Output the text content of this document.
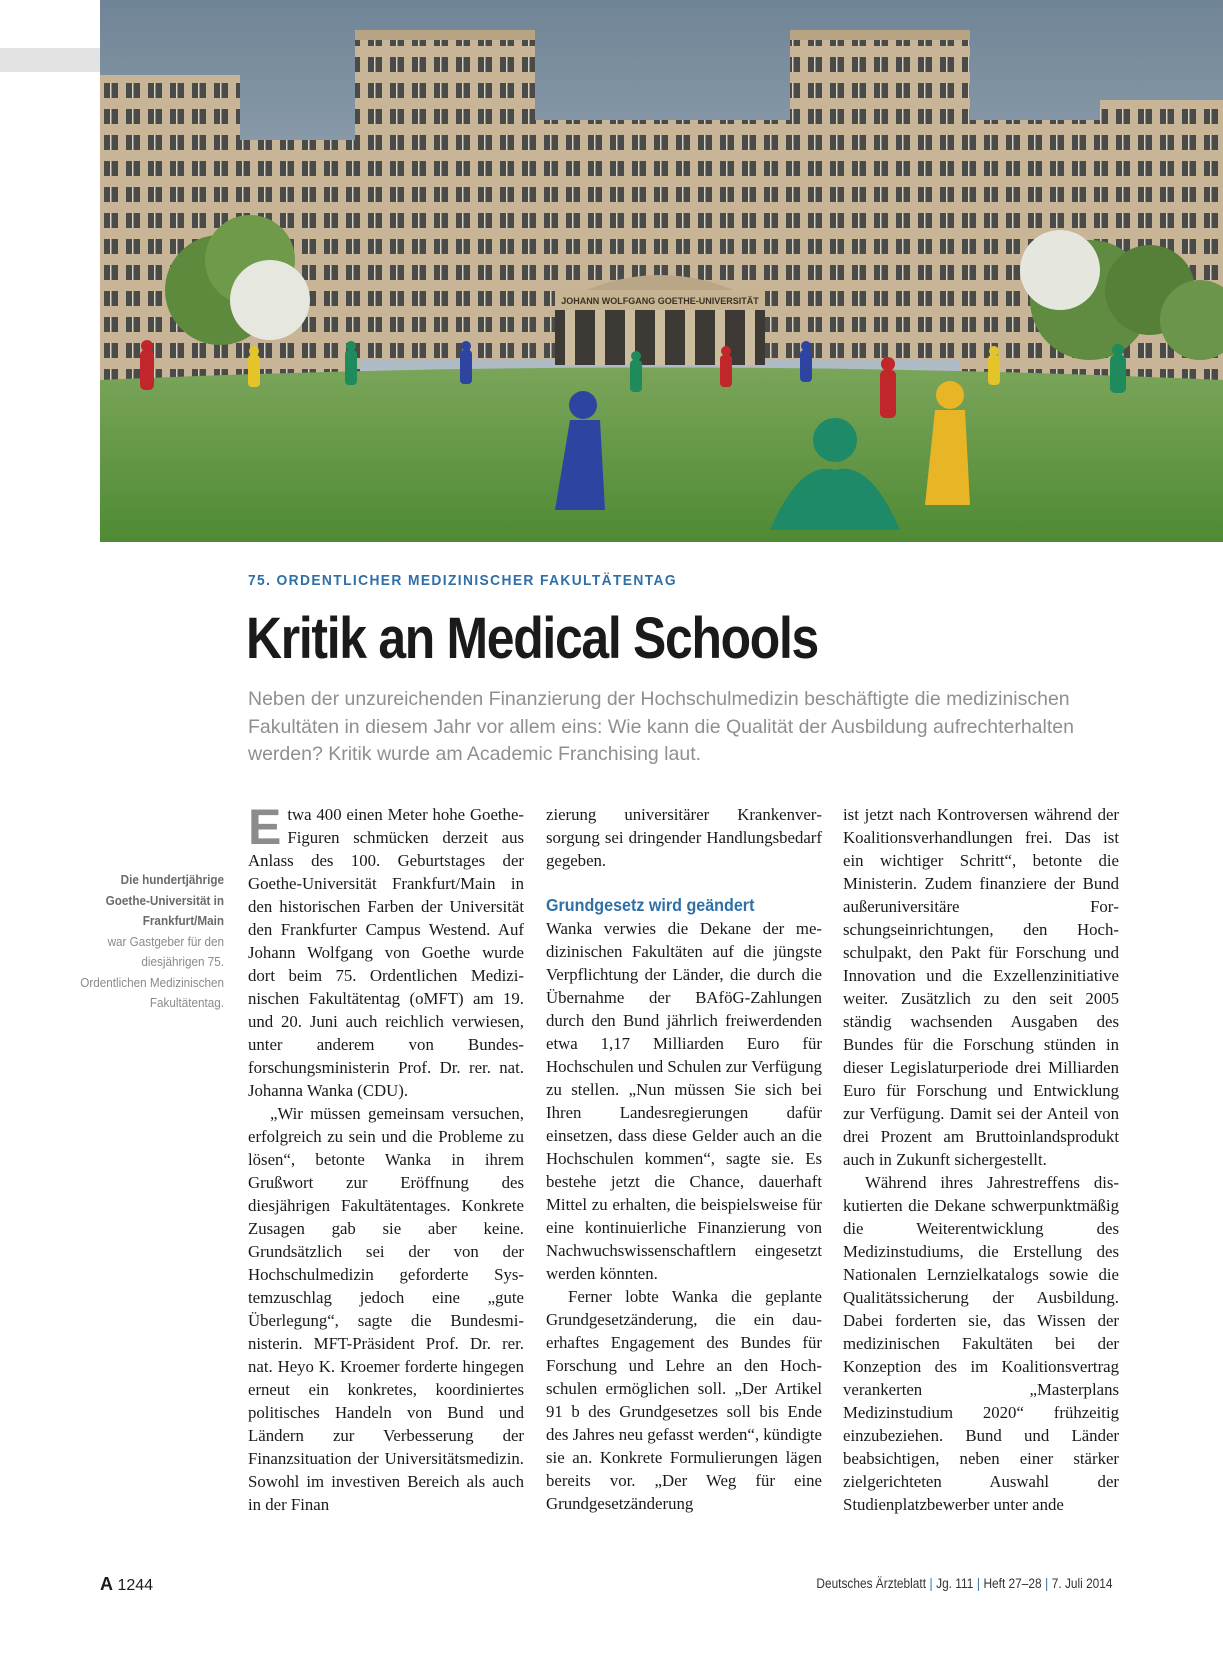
JOHANN WOLFGANG GOETHE-UNIVERSITÄT
75. ORDENTLICHER MEDIZINISCHER FAKULTÄTENTAG
Kritik an Medical Schools

Neben der unzureichenden Finanzierung der Hochschulmedizin beschäftigte die medizinischen Fakultäten in diesem Jahr vor allem eins: Wie kann die Qualität der Ausbildung aufrechterhalten werden? Kritik wurde am Academic Franchising laut.

Die hundertjährige Goethe-Universität in Frankfurt/Main
war Gastgeber für den diesjährigen 75. Ordentlichen Medizinischen Fakultätentag.

Etwa 400 einen Meter hohe Goethe-Figuren schmücken derzeit aus Anlass des 100. Geburtstages der Goethe-Universität Frankfurt/Main in den historischen Farben der Universität den Frankfurter Campus Westend. Auf Johann Wolfgang von Goethe wurde dort beim 75. Ordentlichen Medizinischen Fakultätentag (oMFT) am 19. und 20. Juni auch reichlich verwiesen, unter anderem von Bundesforschungsministerin Prof. Dr. rer. nat. Johanna Wanka (CDU).

„Wir müssen gemeinsam versuchen, erfolgreich zu sein und die Probleme zu lösen“, betonte Wanka in ihrem Grußwort zur Eröffnung des diesjährigen Fakultätentages. Konkrete Zusagen gab sie aber keine. Grundsätzlich sei der von der Hochschulmedizin geforderte Systemzuschlag jedoch eine „gute Überlegung“, sagte die Bundesministerin. MFT-Präsident Prof. Dr. rer. nat. Heyo K. Kroemer forderte hingegen erneut ein konkretes, koordiniertes politisches Handeln von Bund und Ländern zur Verbesserung der Finanzsituation der Universitätsmedizin. Sowohl im investiven Bereich als auch in der Finan

zierung universitärer Krankenversorgung sei dringender Handlungsbedarf gegeben.

Grundgesetz wird geändert

Wanka verwies die Dekane der medizinischen Fakultäten auf die jüngste Verpflichtung der Länder, die durch die Übernahme der BAföG-Zahlungen durch den Bund jährlich freiwerdenden etwa 1,17 Milliarden Euro für Hochschulen und Schulen zur Verfügung zu stellen. „Nun müssen Sie sich bei Ihren Landesregierungen dafür einsetzen, dass diese Gelder auch an die Hochschulen kommen“, sagte sie. Es bestehe jetzt die Chance, dauerhaft Mittel zu erhalten, die beispielsweise für eine kontinuierliche Finanzierung von Nachwuchswissenschaftlern eingesetzt werden könnten.

Ferner lobte Wanka die geplante Grundgesetzänderung, die ein dauerhaftes Engagement des Bundes für Forschung und Lehre an den Hochschulen ermöglichen soll. „Der Artikel 91 b des Grundgesetzes soll bis Ende des Jahres neu gefasst werden“, kündigte sie an. Konkrete Formulierungen lägen bereits vor. „Der Weg für eine Grundgesetzänderung

ist jetzt nach Kontroversen während der Koalitionsverhandlungen frei. Das ist ein wichtiger Schritt“, betonte die Ministerin. Zudem finanziere der Bund außeruniversitäre Forschungseinrichtungen, den Hochschulpakt, den Pakt für Forschung und Innovation und die Exzellenzinitiative weiter. Zusätzlich zu den seit 2005 ständig wachsenden Ausgaben des Bundes für die Forschung stünden in dieser Legislaturperiode drei Milliarden Euro für Forschung und Entwicklung zur Verfügung. Damit sei der Anteil von drei Prozent am Bruttoinlandsprodukt auch in Zukunft sichergestellt.

Während ihres Jahrestreffens diskutierten die Dekane schwerpunktmäßig die Weiterentwicklung des Medizinstudiums, die Erstellung des Nationalen Lernzielkatalogs sowie die Qualitätssicherung der Ausbildung. Dabei forderten sie, das Wissen der medizinischen Fakultäten bei der Konzeption des im Koalitionsvertrag verankerten „Masterplans Medizinstudium 2020“ frühzeitig einzubeziehen. Bund und Länder beabsichtigen, neben einer stärker zielgerichteten Auswahl der Studienplatzbewerber unter ande

A 1244	Deutsches Ärzteblatt | Jg. 111 | Heft 27–28 | 7. Juli 2014
